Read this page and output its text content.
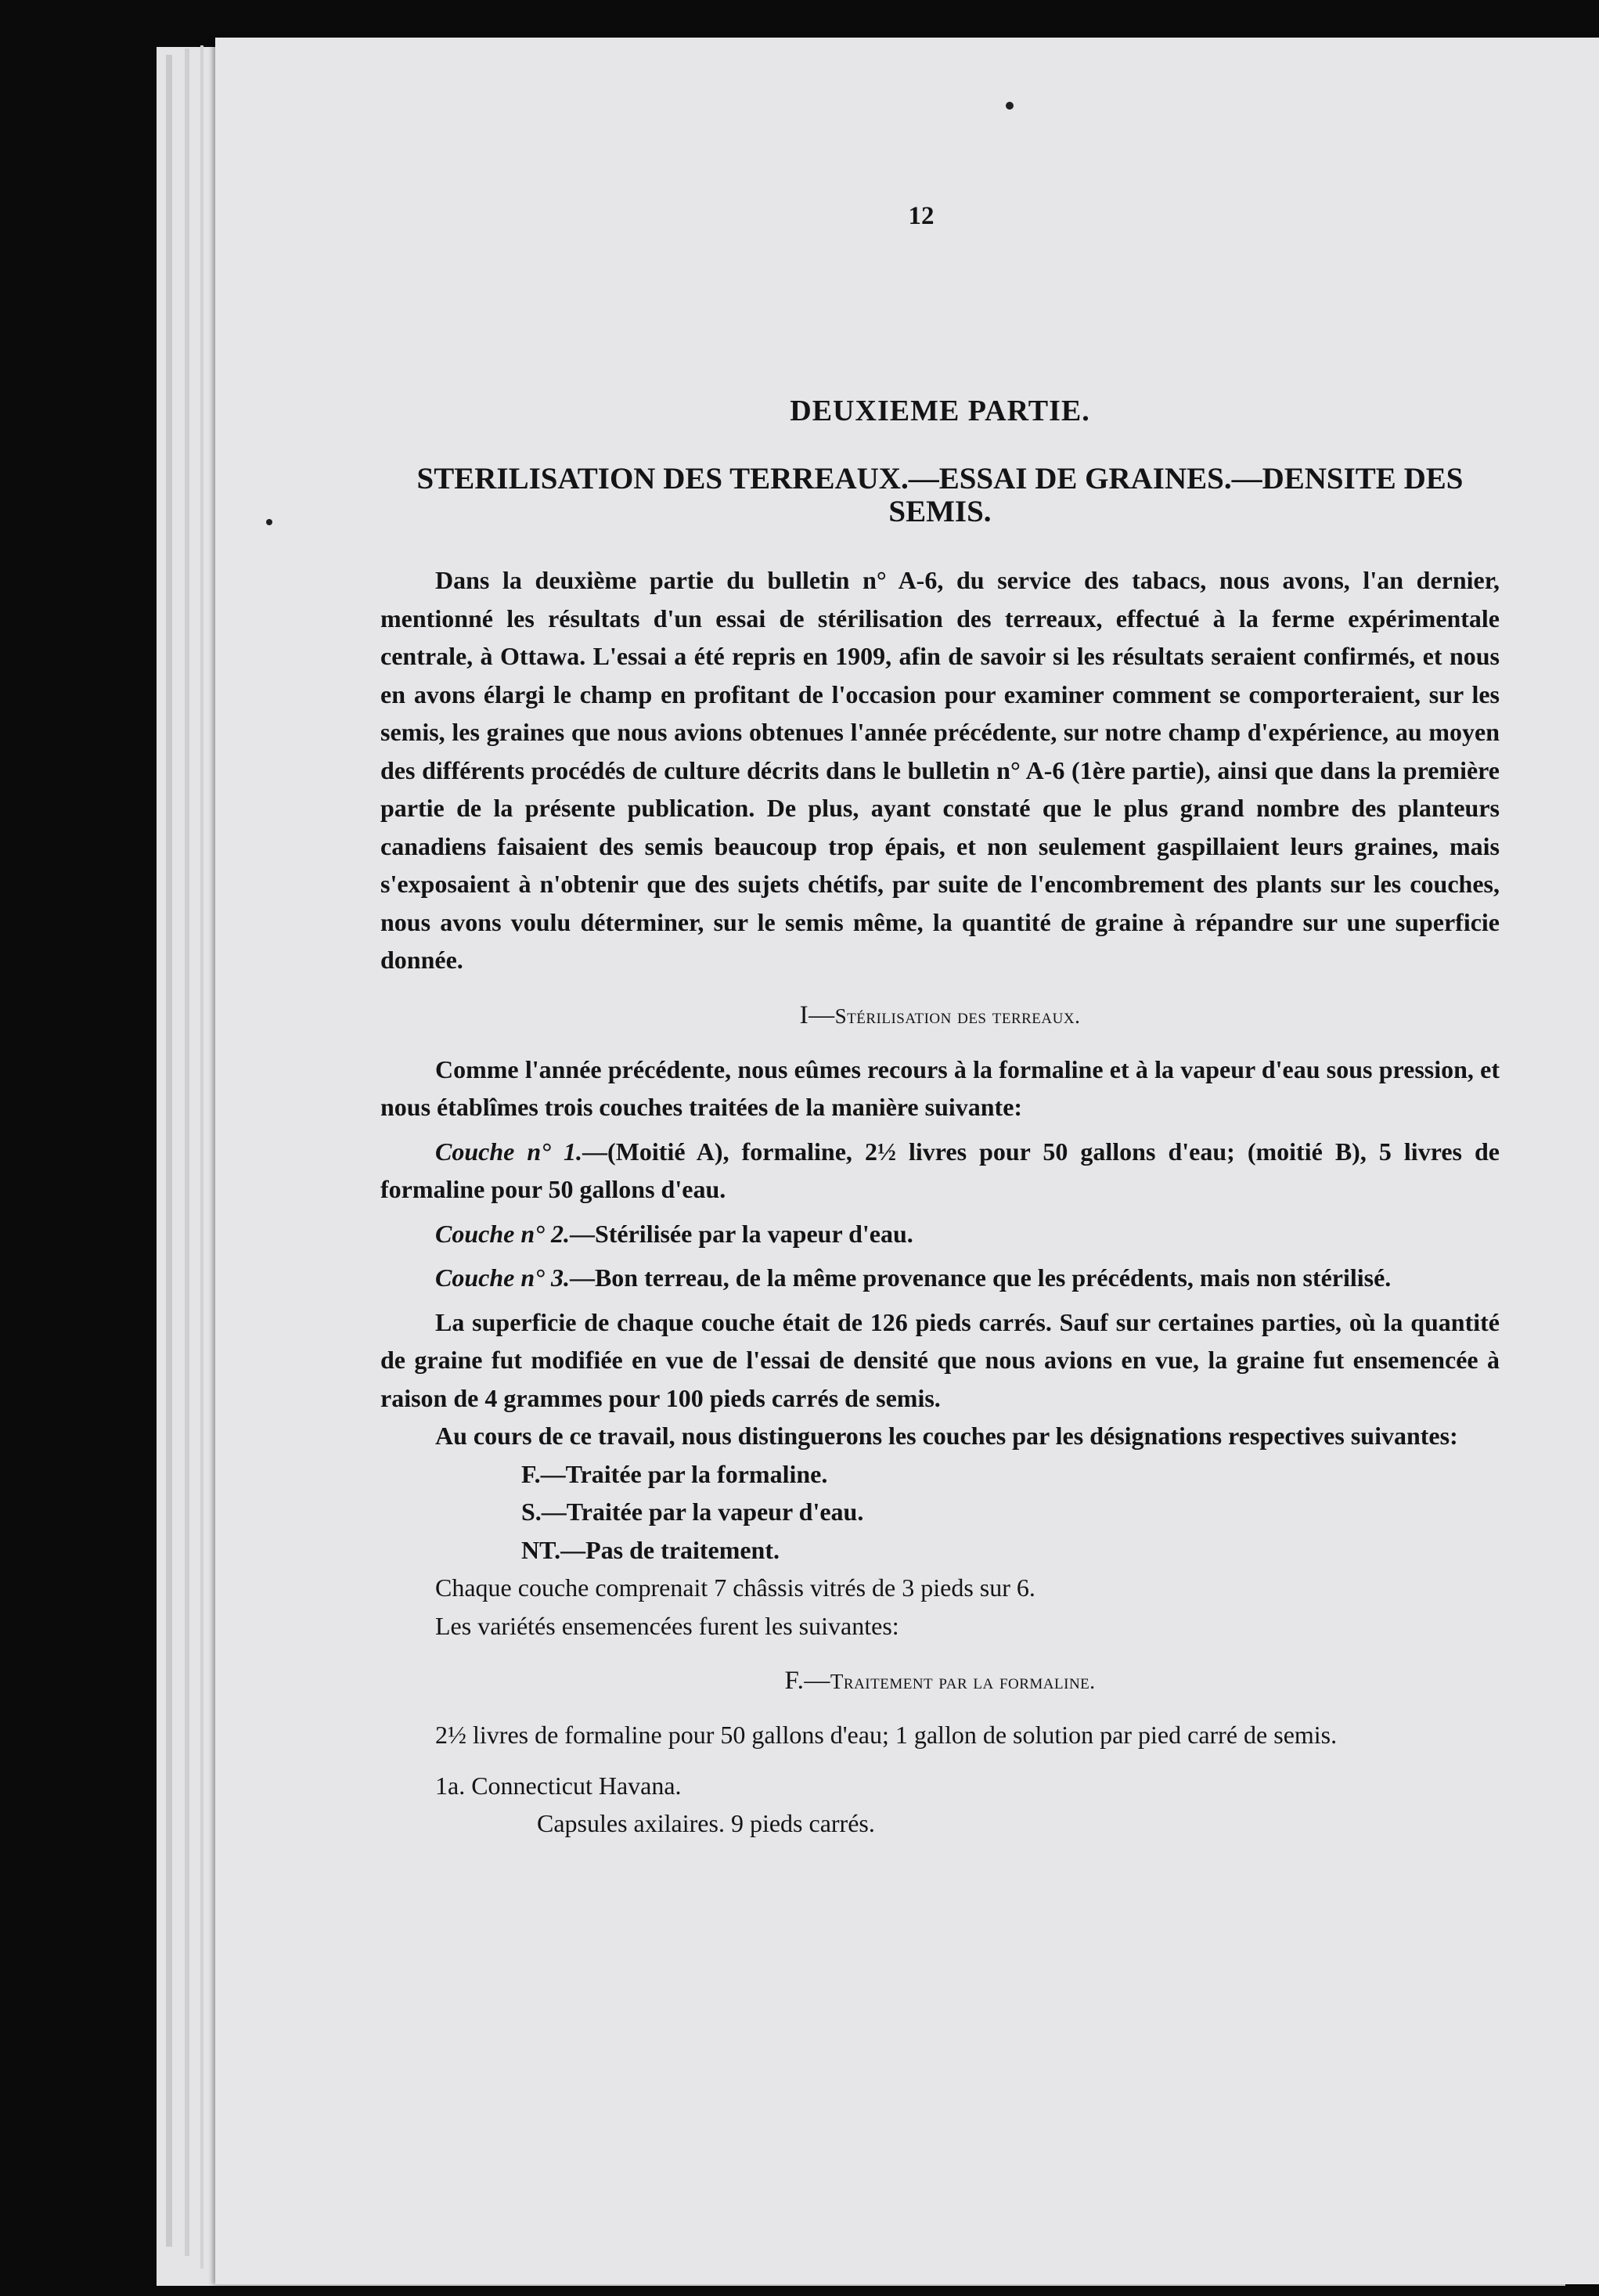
12
DEUXIEME PARTIE.
STERILISATION DES TERREAUX.—ESSAI DE GRAINES.—DENSITE DES SEMIS.

Dans la deuxième partie du bulletin n° A-6, du service des tabacs, nous avons, l'an dernier, mentionné les résultats d'un essai de stérilisation des terreaux, effectué à la ferme expérimentale centrale, à Ottawa. L'essai a été repris en 1909, afin de savoir si les résultats seraient confirmés, et nous en avons élargi le champ en profitant de l'occasion pour examiner comment se comporteraient, sur les semis, les graines que nous avions obtenues l'année précédente, sur notre champ d'expérience, au moyen des différents procédés de culture décrits dans le bulletin n° A-6 (1ère partie), ainsi que dans la première partie de la présente publication. De plus, ayant constaté que le plus grand nombre des planteurs canadiens faisaient des semis beaucoup trop épais, et non seulement gaspillaient leurs graines, mais s'exposaient à n'obtenir que des sujets chétifs, par suite de l'encombrement des plants sur les couches, nous avons voulu déterminer, sur le semis même, la quantité de graine à répandre sur une superficie donnée.

I—Stérilisation des terreaux.

Comme l'année précédente, nous eûmes recours à la formaline et à la vapeur d'eau sous pression, et nous établîmes trois couches traitées de la manière suivante:

Couche n° 1.—(Moitié A), formaline, 2½ livres pour 50 gallons d'eau; (moitié B), 5 livres de formaline pour 50 gallons d'eau.

Couche n° 2.—Stérilisée par la vapeur d'eau.

Couche n° 3.—Bon terreau, de la même provenance que les précédents, mais non stérilisé.

La superficie de chaque couche était de 126 pieds carrés. Sauf sur certaines parties, où la quantité de graine fut modifiée en vue de l'essai de densité que nous avions en vue, la graine fut ensemencée à raison de 4 grammes pour 100 pieds carrés de semis.

Au cours de ce travail, nous distinguerons les couches par les désignations respectives suivantes:

F.—Traitée par la formaline.
S.—Traitée par la vapeur d'eau.
NT.—Pas de traitement.
Chaque couche comprenait 7 châssis vitrés de 3 pieds sur 6.
Les variétés ensemencées furent les suivantes:
F.—Traitement par la formaline.

2½ livres de formaline pour 50 gallons d'eau; 1 gallon de solution par pied carré de semis.

1a. Connecticut Havana.
Capsules axilaires. 9 pieds carrés.
